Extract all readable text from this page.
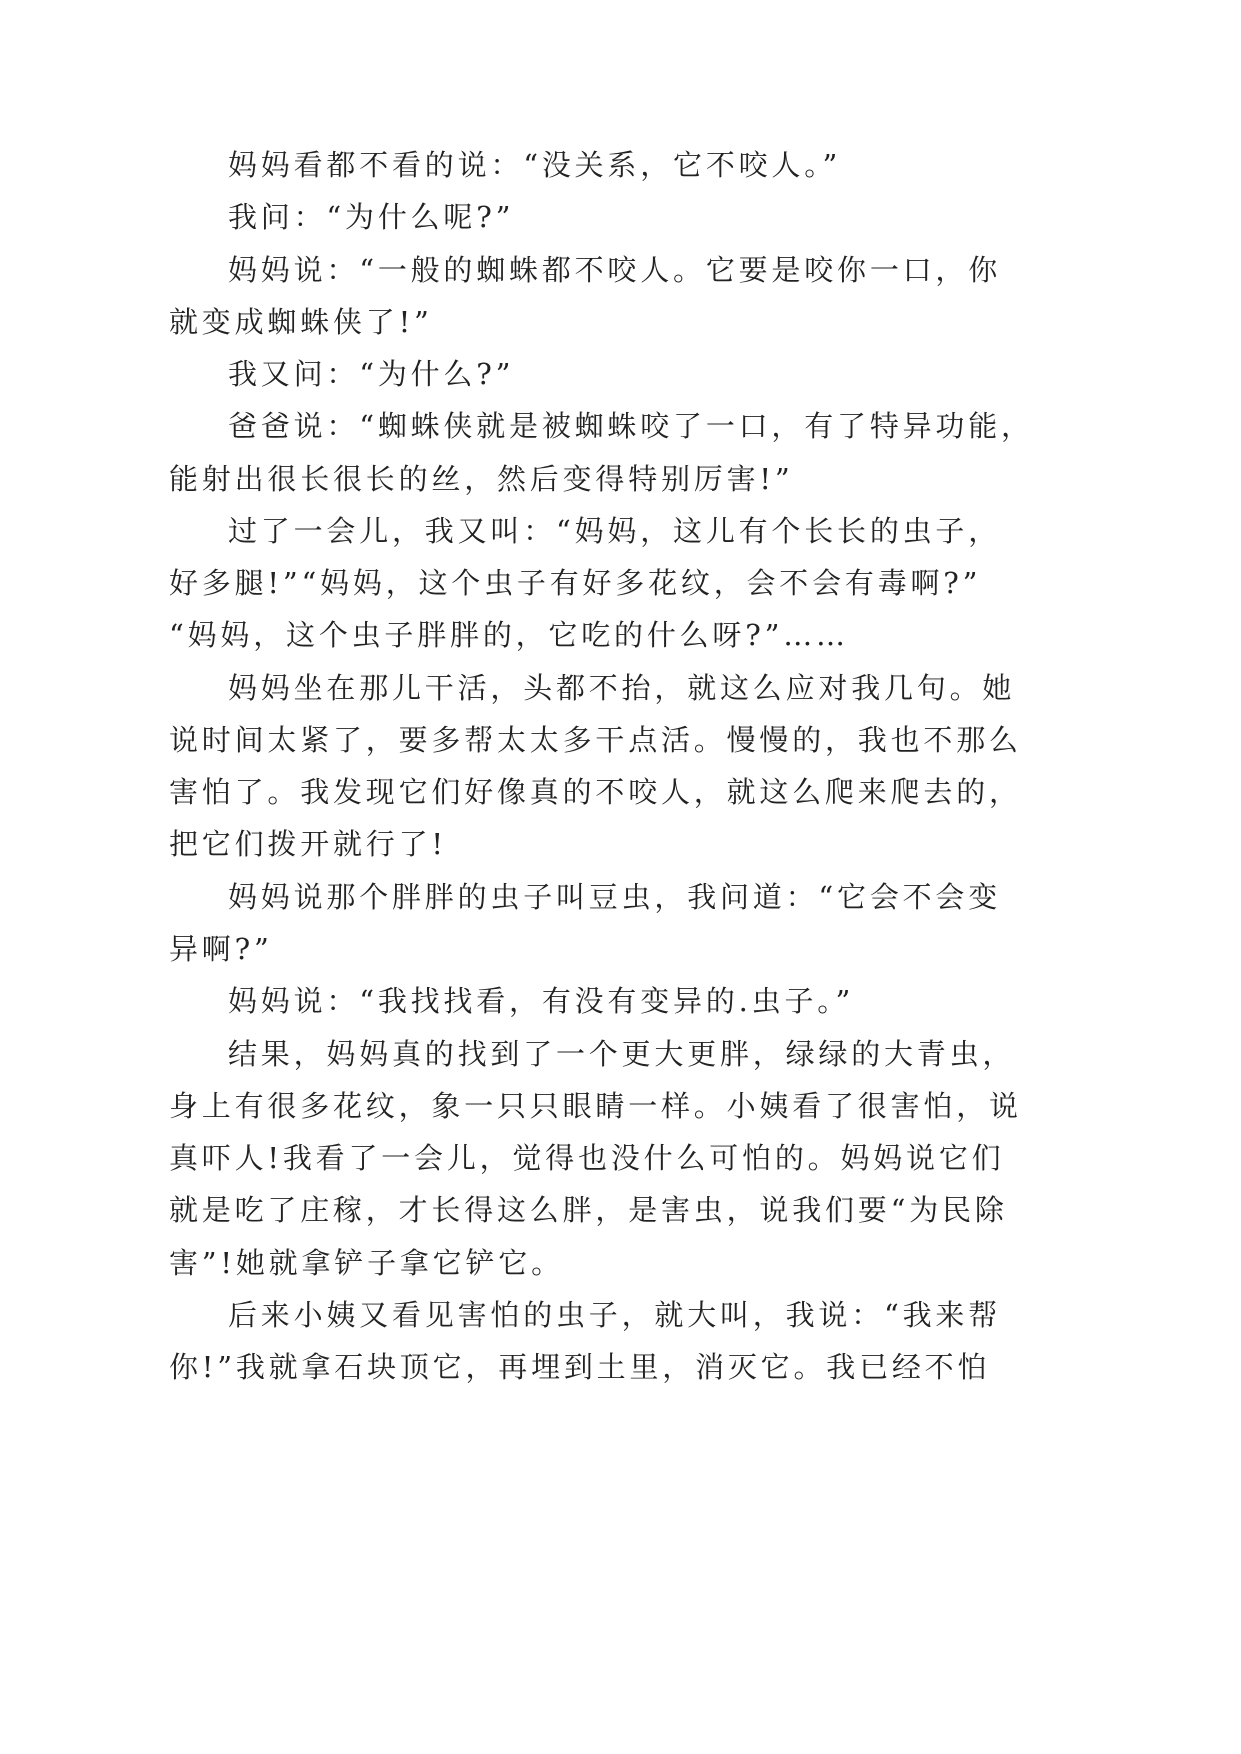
妈妈看都不看的说：“没关系，它不咬人。”

我问：“为什么呢?”

妈妈说：“一般的蜘蛛都不咬人。它要是咬你一口，你

就变成蜘蛛侠了!”

我又问：“为什么?”

爸爸说：“蜘蛛侠就是被蜘蛛咬了一口，有了特异功能，

能射出很长很长的丝，然后变得特别厉害!”

过了一会儿，我又叫：“妈妈，这儿有个长长的虫子，

好多腿!”“妈妈，这个虫子有好多花纹，会不会有毒啊?”

“妈妈，这个虫子胖胖的，它吃的什么呀?”……

妈妈坐在那儿干活，头都不抬，就这么应对我几句。她

说时间太紧了，要多帮太太多干点活。慢慢的，我也不那么

害怕了。我发现它们好像真的不咬人，就这么爬来爬去的，

把它们拨开就行了!

妈妈说那个胖胖的虫子叫豆虫，我问道：“它会不会变

异啊?”

妈妈说：“我找找看，有没有变异的.虫子。”

结果，妈妈真的找到了一个更大更胖，绿绿的大青虫，

身上有很多花纹，象一只只眼睛一样。小姨看了很害怕，说

真吓人!我看了一会儿，觉得也没什么可怕的。妈妈说它们

就是吃了庄稼，才长得这么胖，是害虫，说我们要“为民除

害”!她就拿铲子拿它铲它。

后来小姨又看见害怕的虫子，就大叫，我说：“我来帮

你!”我就拿石块顶它，再埋到土里，消灭它。我已经不怕
